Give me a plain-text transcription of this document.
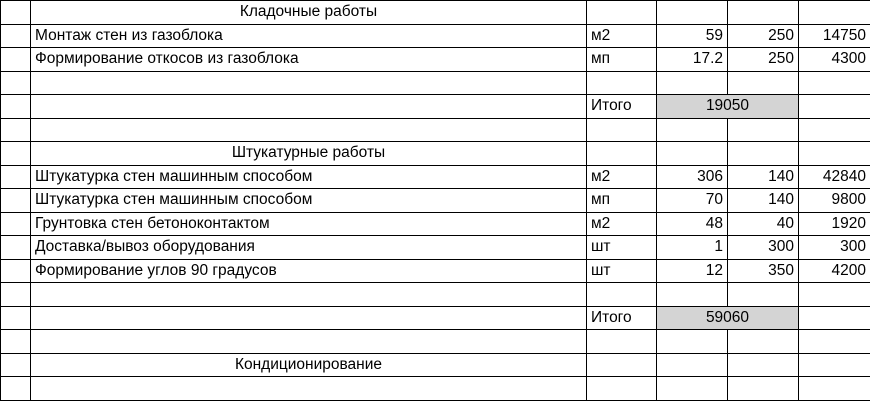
	Кладочные работы				
	Монтаж стен из газоблока	м2	59	250	14750
	Формирование откосов из газоблока	мп	17.2	250	4300

		Итого	19050		

	Штукатурные работы				
	Штукатурка стен машинным способом	м2	306	140	42840
	Штукатурка стен машинным способом	мп	70	140	9800
	Грунтовка стен бетоноконтактом	м2	48	40	1920
	Доставка/вывоз оборудования	шт	1	300	300
	Формирование углов 90 градусов	шт	12	350	4200

		Итого	59060		

	Кондиционирование				
